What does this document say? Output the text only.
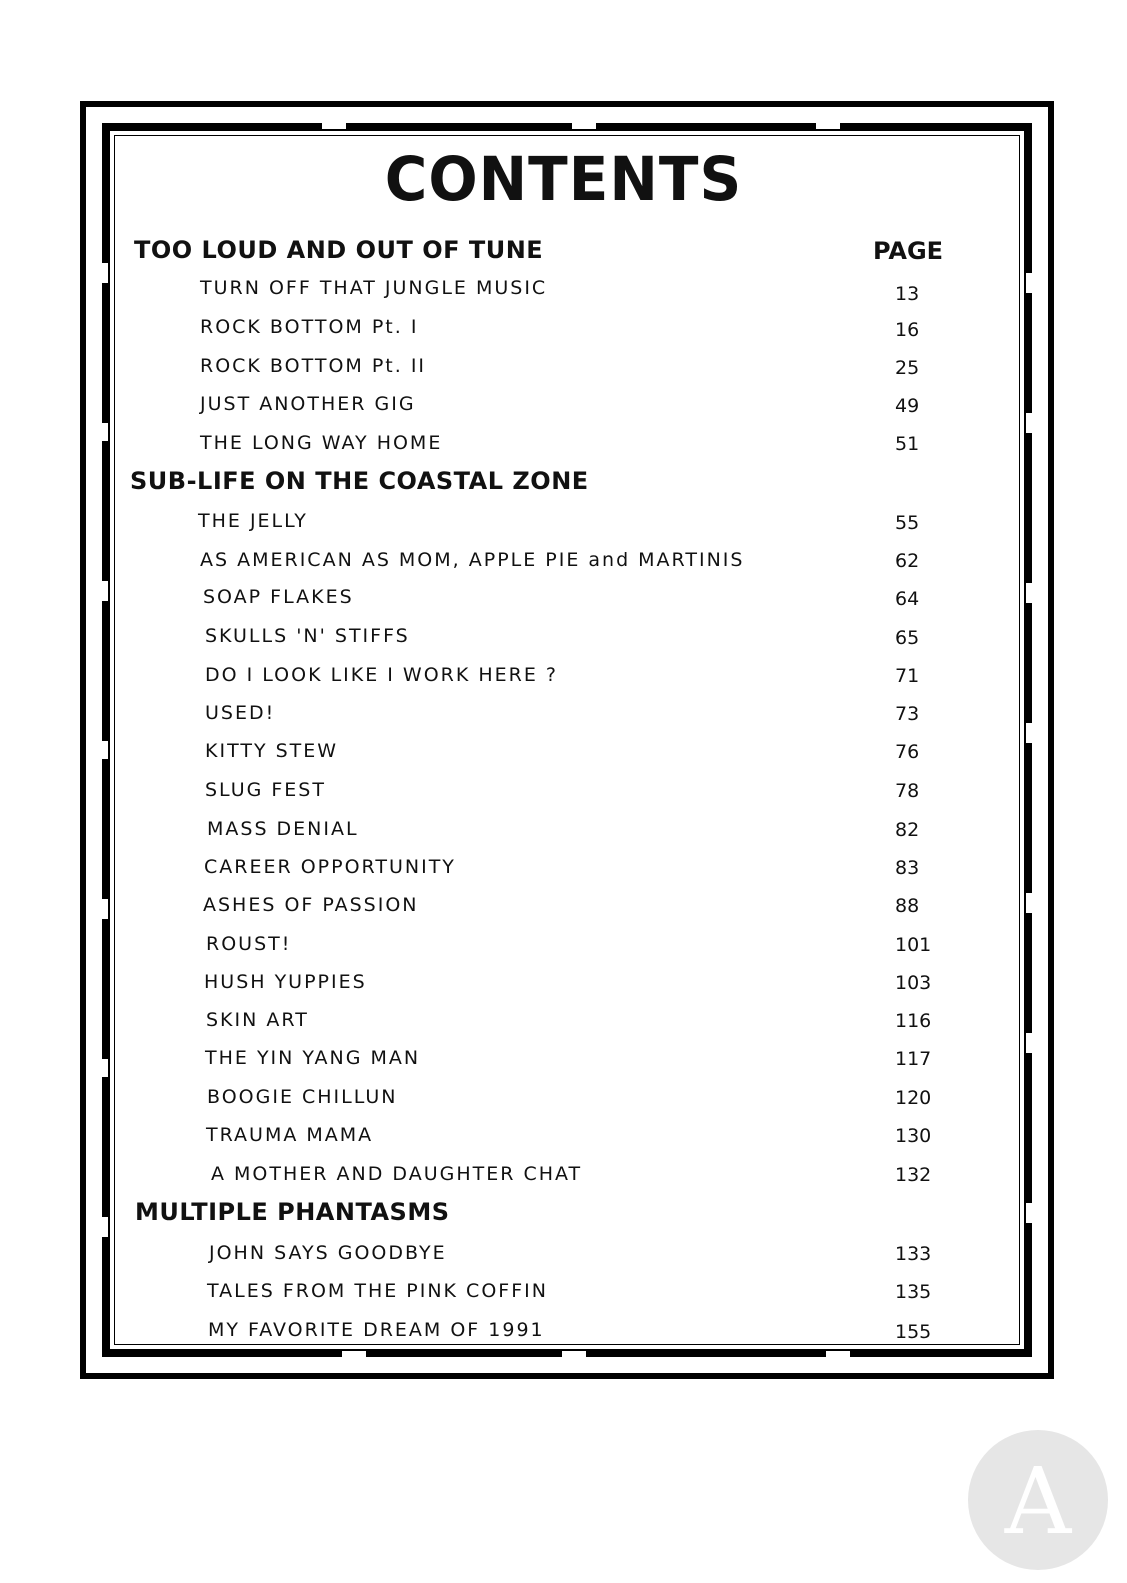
CONTENTS
PAGE
TOO LOUD AND OUT OF TUNE
TURN OFF THAT JUNGLE MUSIC	13
ROCK BOTTOM Pt. I	16
ROCK BOTTOM Pt. II	25
JUST ANOTHER GIG	49
THE LONG WAY HOME	51
SUB-LIFE ON THE COASTAL ZONE
THE JELLY	55
AS AMERICAN AS MOM, APPLE PIE and MARTINIS	62
SOAP FLAKES	64
SKULLS 'N' STIFFS	65
DO I LOOK LIKE I WORK HERE ?	71
USED!	73
KITTY STEW	76
SLUG FEST	78
MASS DENIAL	82
CAREER OPPORTUNITY	83
ASHES OF PASSION	88
ROUST!	101
HUSH YUPPIES	103
SKIN ART	116
THE YIN YANG MAN	117
BOOGIE CHILLUN	120
TRAUMA MAMA	130
A MOTHER AND DAUGHTER CHAT	132
MULTIPLE PHANTASMS
JOHN SAYS GOODBYE	133
TALES FROM THE PINK COFFIN	135
MY FAVORITE DREAM OF 1991	155
A
